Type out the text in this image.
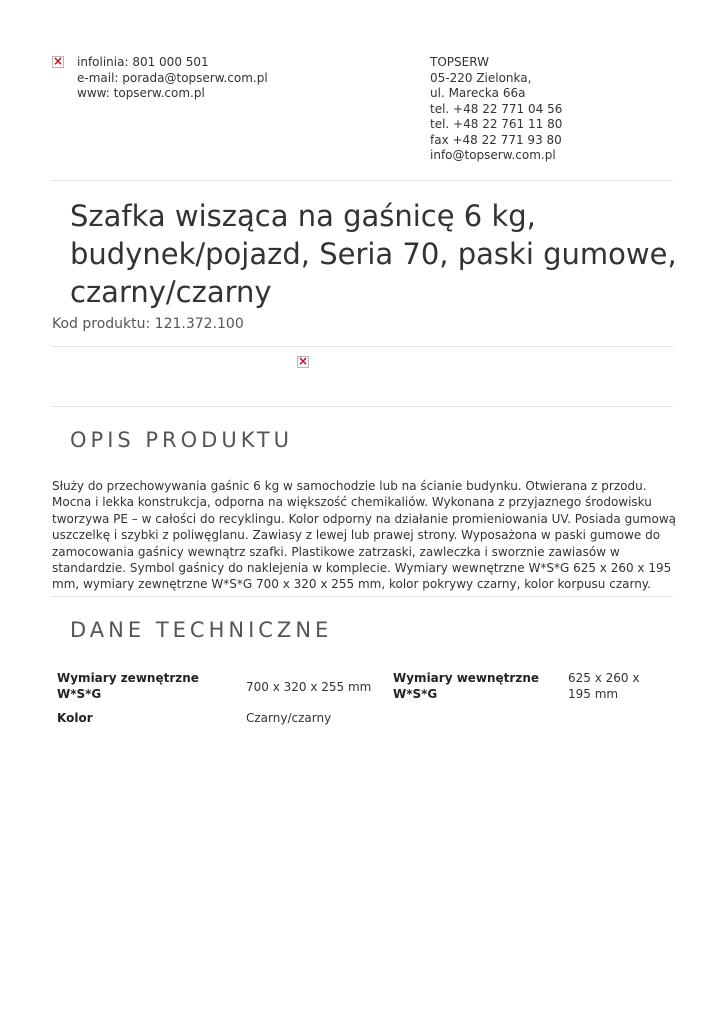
×
infolinia: 801 000 501
e-mail: porada@topserw.com.pl
www: topserw.com.pl
TOPSERW
05-220 Zielonka,
ul. Marecka 66a
tel. +48 22 771 04 56
tel. +48 22 761 11 80
fax +48 22 771 93 80
info@topserw.com.pl
Szafka wisząca na gaśnicę 6 kg, budynek/pojazd, Seria 70, paski gumowe, czarny/czarny
Kod produktu: 121.372.100
×
OPIS PRODUKTU

Służy do przechowywania gaśnic 6 kg w samochodzie lub na ścianie budynku. Otwierana z przodu. Mocna i lekka konstrukcja, odporna na większość chemikaliów. Wykonana z przyjaznego środowisku tworzywa PE – w całości do recyklingu. Kolor odporny na działanie promieniowania UV. Posiada gumową uszczelkę i szybki z poliwęglanu. Zawiasy z lewej lub prawej strony. Wyposażona w paski gumowe do zamocowania gaśnicy wewnątrz szafki. Plastikowe zatrzaski, zawleczka i sworznie zawiasów w standardzie. Symbol gaśnicy do naklejenia w komplecie. Wymiary wewnętrzne W*S*G 625 x 260 x 195 mm, wymiary zewnętrzne W*S*G 700 x 320 x 255 mm, kolor pokrywy czarny, kolor korpusu czarny.

DANE TECHNICZNE
Wymiary zewnętrzne W*S*G	700 x 320 x 255 mm
Wymiary wewnętrzne W*S*G
625 x 260 x 195 mm
Kolor	Czarny/czarny
